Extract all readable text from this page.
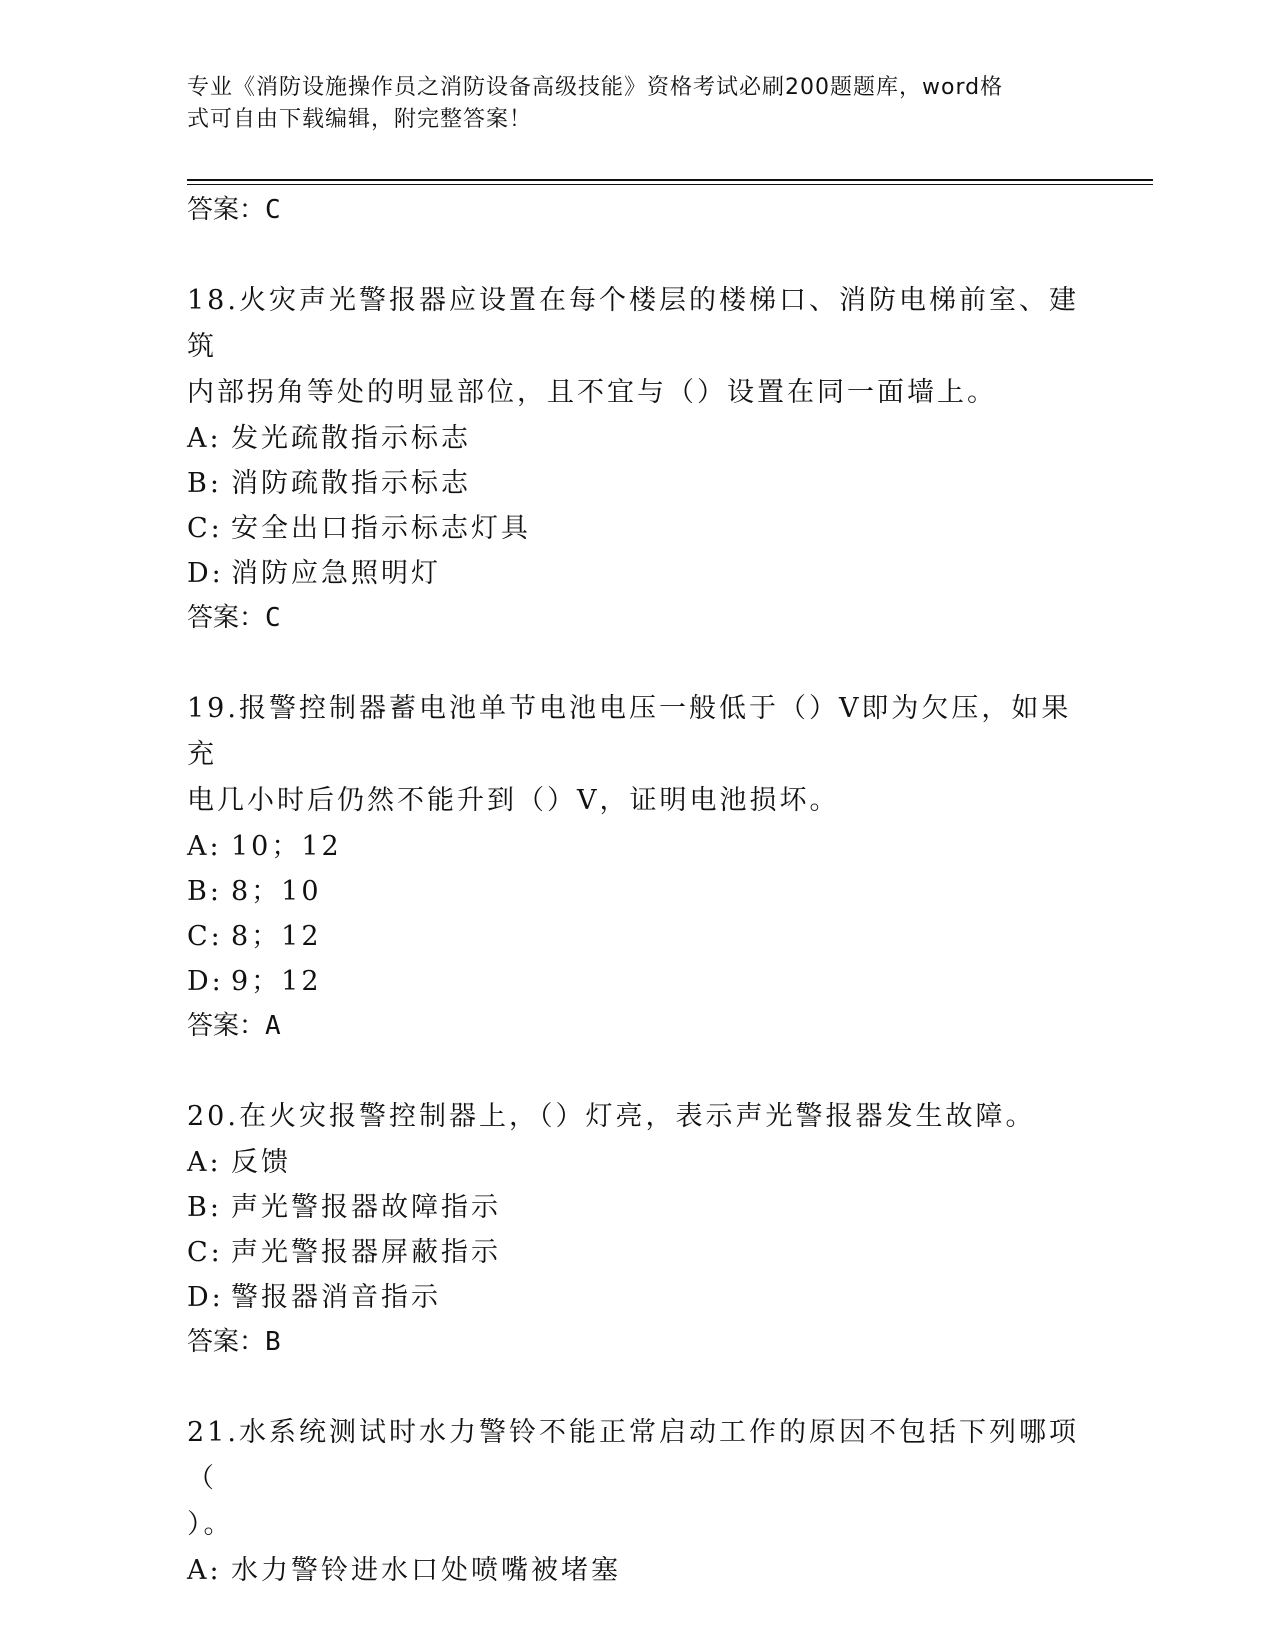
专业《消防设施操作员之消防设备高级技能》资格考试必刷200题题库，word格
式可自由下载编辑，附完整答案！
答案：C
18.火灾声光警报器应设置在每个楼层的楼梯口、消防电梯前室、建筑
内部拐角等处的明显部位，且不宜与（）设置在同一面墙上。
A: 发光疏散指示标志
B: 消防疏散指示标志
C: 安全出口指示标志灯具
D: 消防应急照明灯
答案：C
19.报警控制器蓄电池单节电池电压一般低于（）V即为欠压，如果充
电几小时后仍然不能升到（）V，证明电池损坏。
A: 10；12
B: 8；10
C: 8；12
D: 9；12
答案：A
20.在火灾报警控制器上，（）灯亮，表示声光警报器发生故障。
A: 反馈
B: 声光警报器故障指示
C: 声光警报器屏蔽指示
D: 警报器消音指示
答案：B
21.水系统测试时水力警铃不能正常启动工作的原因不包括下列哪项（
）。
A: 水力警铃进水口处喷嘴被堵塞
